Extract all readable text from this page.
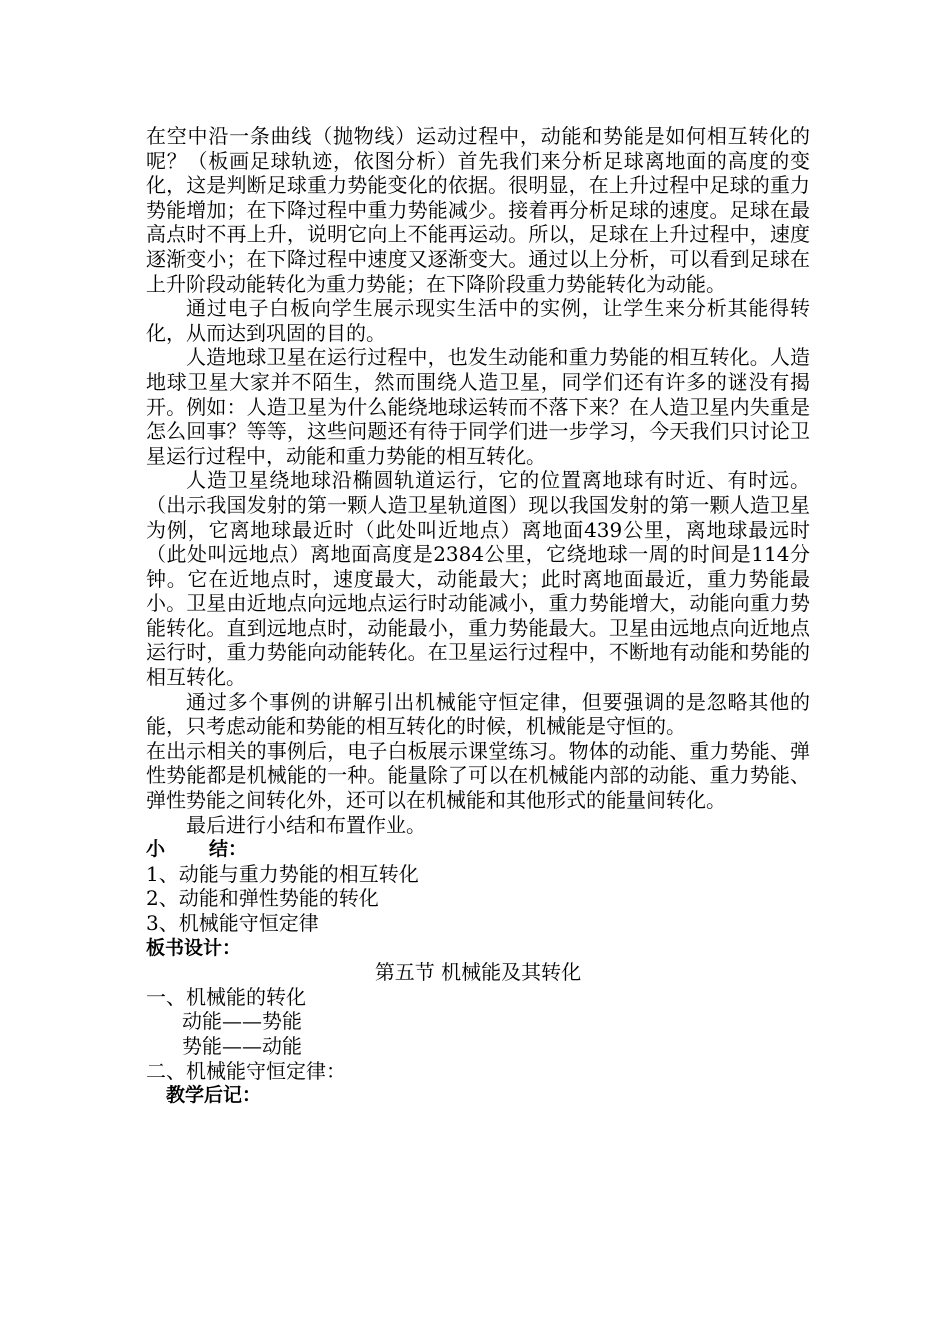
在空中沿一条曲线（抛物线）运动过程中，动能和势能是如何相互转化的呢？（板画足球轨迹，依图分析）首先我们来分析足球离地面的高度的变化，这是判断足球重力势能变化的依据。很明显，在上升过程中足球的重力势能增加；在下降过程中重力势能减少。接着再分析足球的速度。足球在最高点时不再上升，说明它向上不能再运动。所以，足球在上升过程中，速度逐渐变小；在下降过程中速度又逐渐变大。通过以上分析，可以看到足球在上升阶段动能转化为重力势能；在下降阶段重力势能转化为动能。

通过电子白板向学生展示现实生活中的实例，让学生来分析其能得转化，从而达到巩固的目的。

人造地球卫星在运行过程中，也发生动能和重力势能的相互转化。人造地球卫星大家并不陌生，然而围绕人造卫星，同学们还有许多的谜没有揭开。例如：人造卫星为什么能绕地球运转而不落下来？在人造卫星内失重是怎么回事？等等，这些问题还有待于同学们进一步学习，今天我们只讨论卫星运行过程中，动能和重力势能的相互转化。

人造卫星绕地球沿椭圆轨道运行，它的位置离地球有时近、有时远。（出示我国发射的第一颗人造卫星轨道图）现以我国发射的第一颗人造卫星为例，它离地球最近时（此处叫近地点）离地面439公里，离地球最远时（此处叫远地点）离地面高度是2384公里，它绕地球一周的时间是114分钟。它在近地点时，速度最大，动能最大；此时离地面最近，重力势能最小。卫星由近地点向远地点运行时动能减小，重力势能增大，动能向重力势能转化。直到远地点时，动能最小，重力势能最大。卫星由远地点向近地点运行时，重力势能向动能转化。在卫星运行过程中，不断地有动能和势能的相互转化。

通过多个事例的讲解引出机械能守恒定律，但要强调的是忽略其他的能，只考虑动能和势能的相互转化的时候，机械能是守恒的。

在出示相关的事例后，电子白板展示课堂练习。物体的动能、重力势能、弹性势能都是机械能的一种。能量除了可以在机械能内部的动能、重力势能、弹性势能之间转化外，还可以在机械能和其他形式的能量间转化。

最后进行小结和布置作业。

小 结：

1、动能与重力势能的相互转化

2、动能和弹性势能的转化

3、机械能守恒定律

板书设计：

第五节 机械能及其转化

一、机械能的转化

动能——势能

势能——动能

二、机械能守恒定律：

教学后记：
